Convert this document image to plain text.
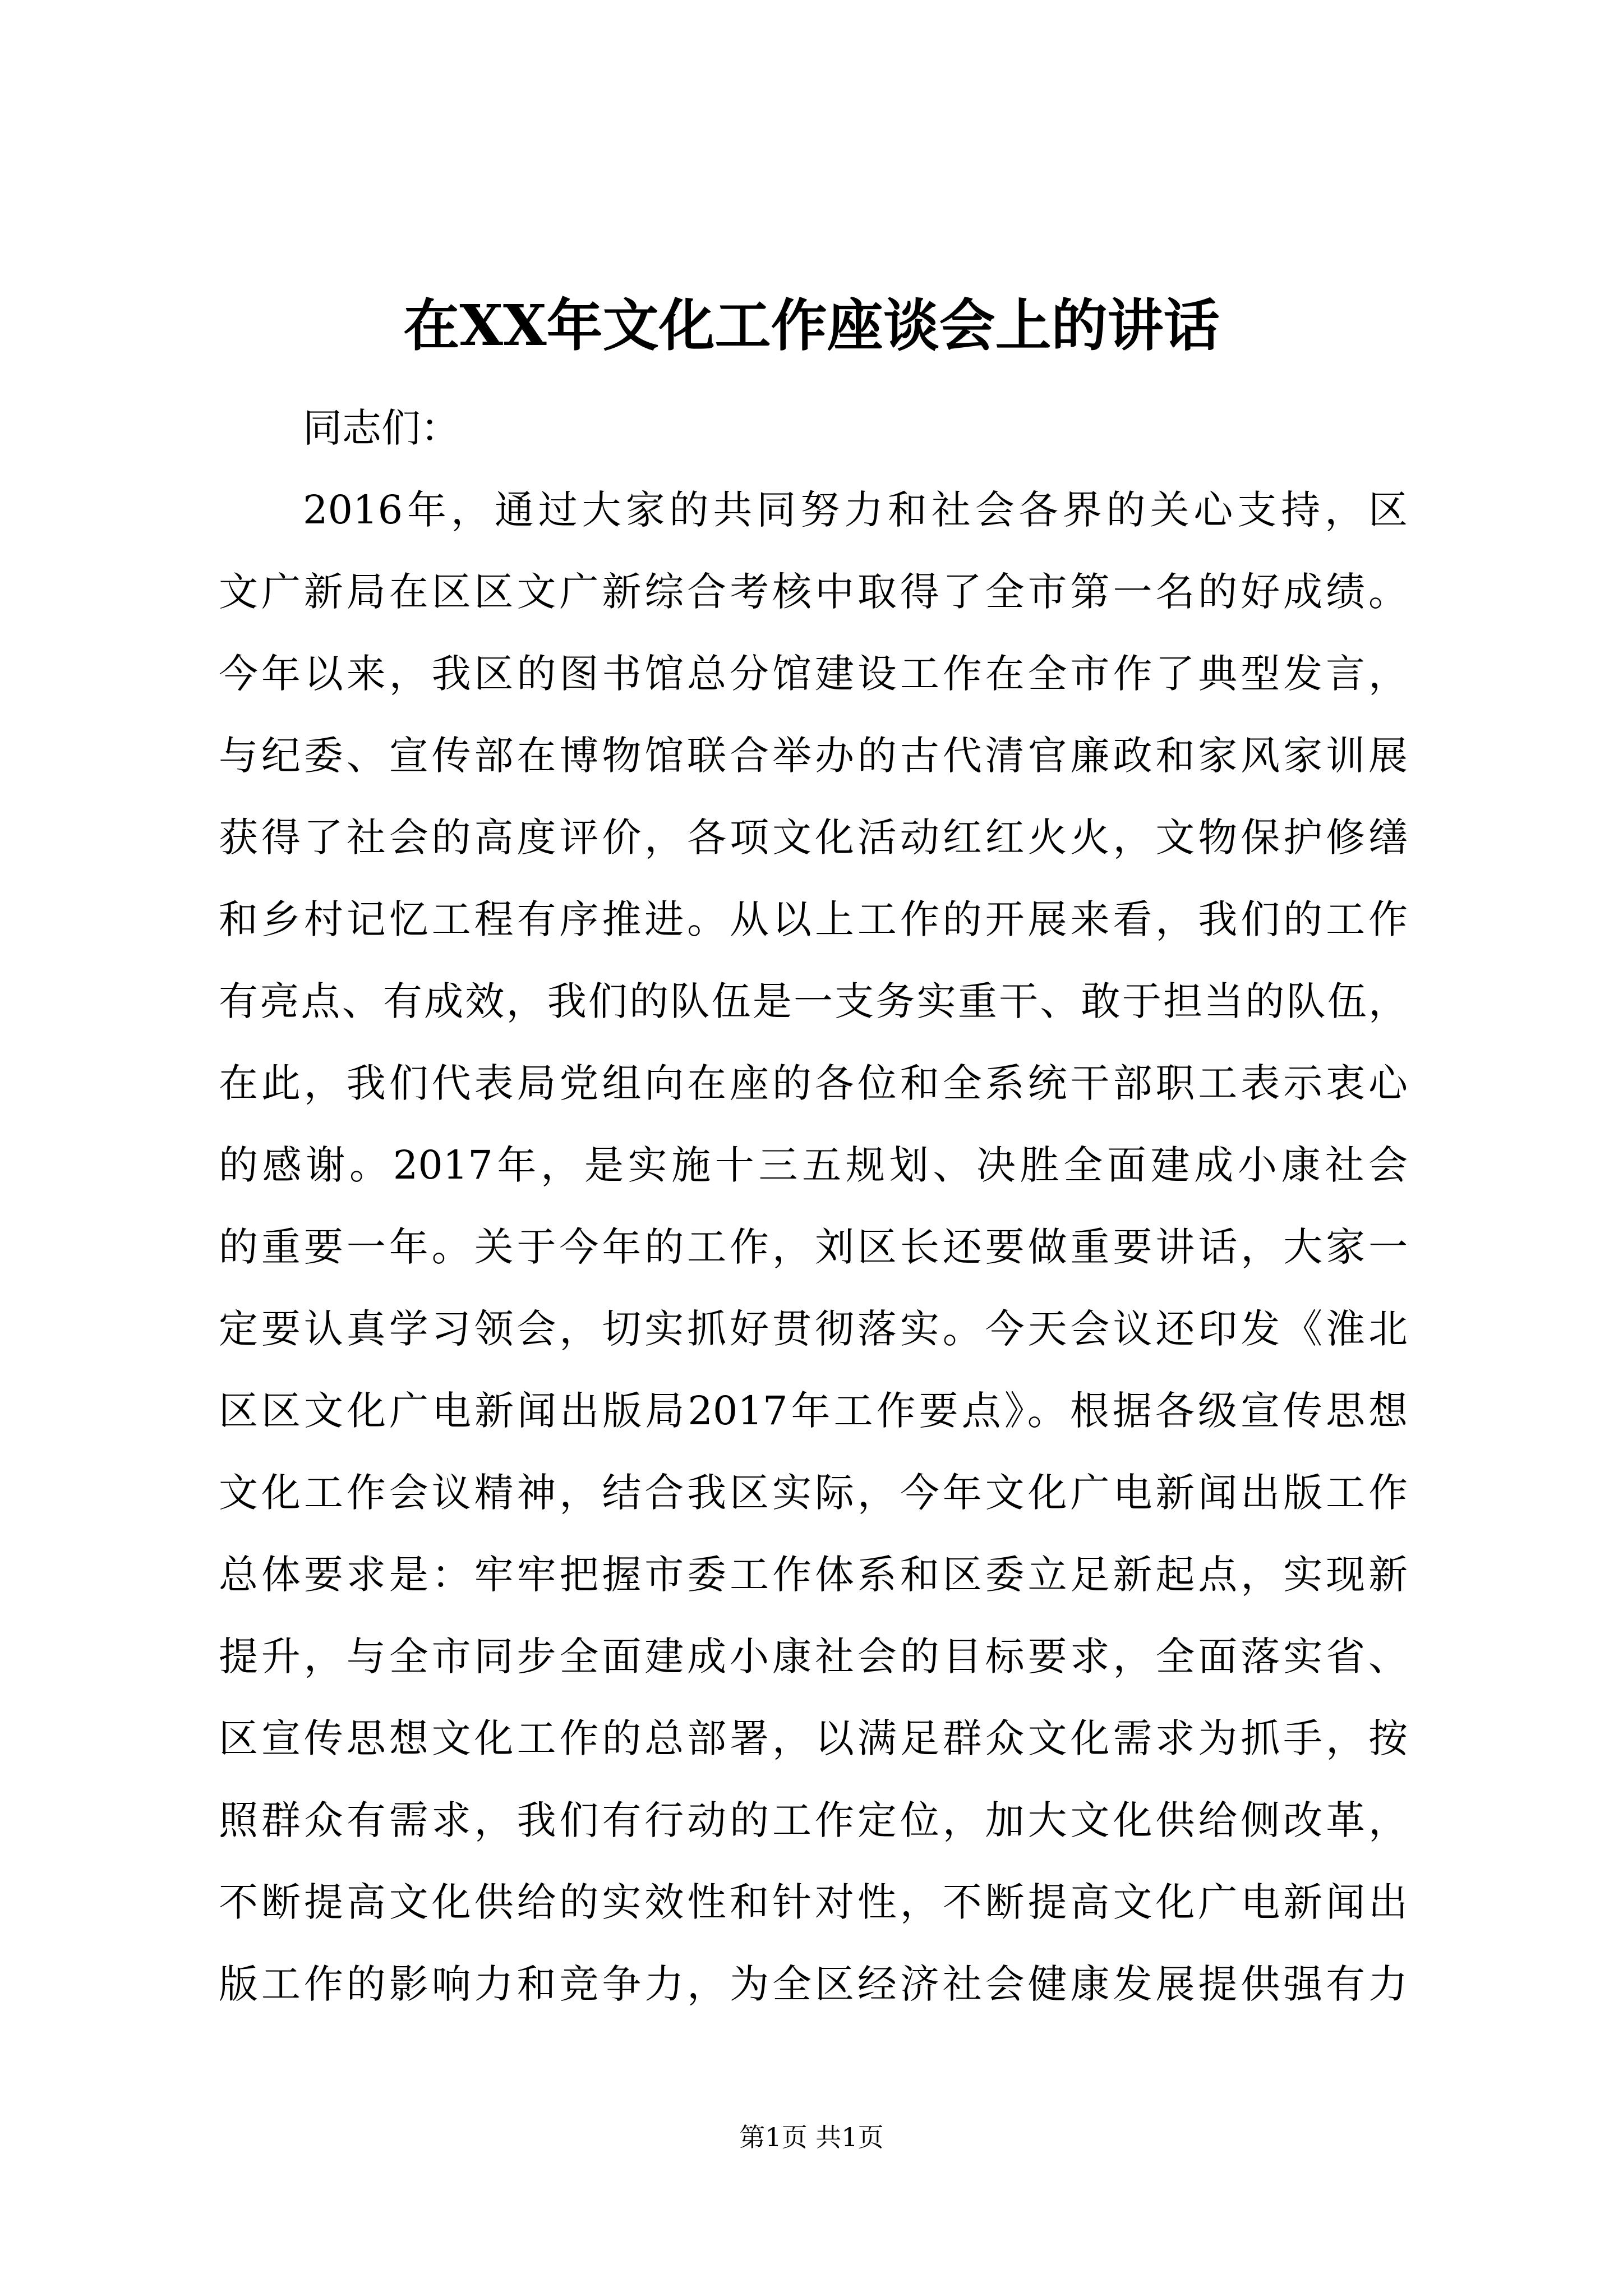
在XX年文化工作座谈会上的讲话
同志们：
2016年，通过大家的共同努力和社会各界的关心支持，区
文广新局在区区文广新综合考核中取得了全市第一名的好成绩。
今年以来，我区的图书馆总分馆建设工作在全市作了典型发言，
与纪委、宣传部在博物馆联合举办的古代清官廉政和家风家训展
获得了社会的高度评价，各项文化活动红红火火，文物保护修缮
和乡村记忆工程有序推进。从以上工作的开展来看，我们的工作
有亮点、有成效，我们的队伍是一支务实重干、敢于担当的队伍，
在此，我们代表局党组向在座的各位和全系统干部职工表示衷心
的感谢。2017年，是实施十三五规划、决胜全面建成小康社会
的重要一年。关于今年的工作，刘区长还要做重要讲话，大家一
定要认真学习领会，切实抓好贯彻落实。今天会议还印发《淮北
区区文化广电新闻出版局2017年工作要点》。根据各级宣传思想
文化工作会议精神，结合我区实际，今年文化广电新闻出版工作
总体要求是：牢牢把握市委工作体系和区委立足新起点，实现新
提升，与全市同步全面建成小康社会的目标要求，全面落实省、
区宣传思想文化工作的总部署，以满足群众文化需求为抓手，按
照群众有需求，我们有行动的工作定位，加大文化供给侧改革，
不断提高文化供给的实效性和针对性，不断提高文化广电新闻出
版工作的影响力和竞争力，为全区经济社会健康发展提供强有力
第1页 共1页
